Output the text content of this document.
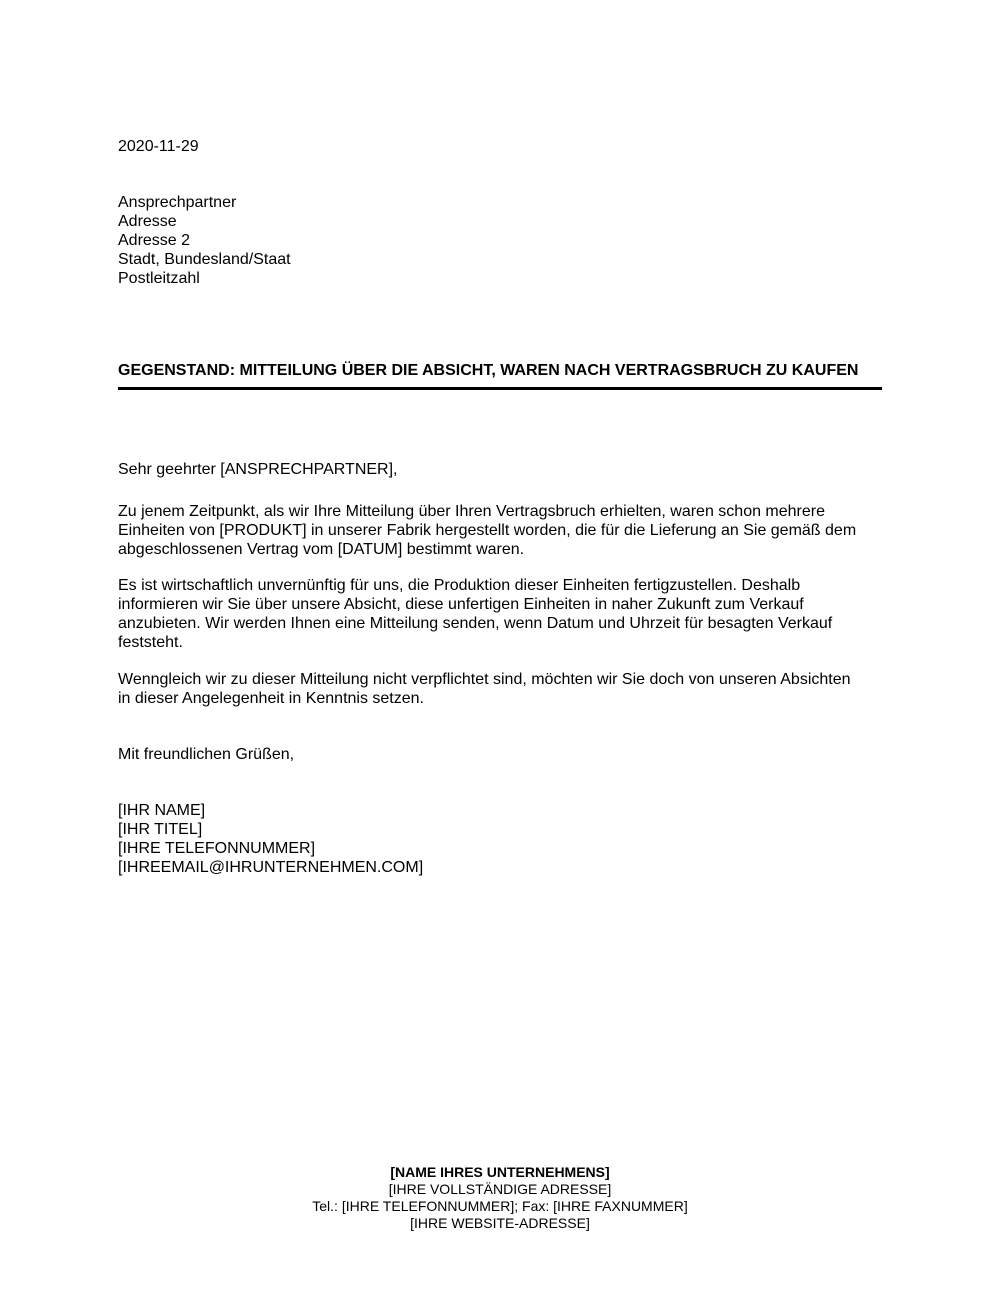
2020-11-29
Ansprechpartner
Adresse
Adresse 2
Stadt, Bundesland/Staat
Postleitzahl
GEGENSTAND: MITTEILUNG ÜBER DIE ABSICHT, WAREN NACH VERTRAGSBRUCH ZU KAUFEN
Sehr geehrter [ANSPRECHPARTNER],
Zu jenem Zeitpunkt, als wir Ihre Mitteilung über Ihren Vertragsbruch erhielten, waren schon mehrere
Einheiten von [PRODUKT] in unserer Fabrik hergestellt worden, die für die Lieferung an Sie gemäß dem
abgeschlossenen Vertrag vom [DATUM] bestimmt waren.
Es ist wirtschaftlich unvernünftig für uns, die Produktion dieser Einheiten fertigzustellen. Deshalb
informieren wir Sie über unsere Absicht, diese unfertigen Einheiten in naher Zukunft zum Verkauf
anzubieten. Wir werden Ihnen eine Mitteilung senden, wenn Datum und Uhrzeit für besagten Verkauf
feststeht.
Wenngleich wir zu dieser Mitteilung nicht verpflichtet sind, möchten wir Sie doch von unseren Absichten
in dieser Angelegenheit in Kenntnis setzen.
Mit freundlichen Grüßen,
[IHR NAME]
[IHR TITEL]
[IHRE TELEFONNUMMER]
[IHREEMAIL@IHRUNTERNEHMEN.COM]
[NAME IHRES UNTERNEHMENS]
[IHRE VOLLSTÄNDIGE ADRESSE]
Tel.: [IHRE TELEFONNUMMER]; Fax: [IHRE FAXNUMMER]
[IHRE WEBSITE-ADRESSE]
